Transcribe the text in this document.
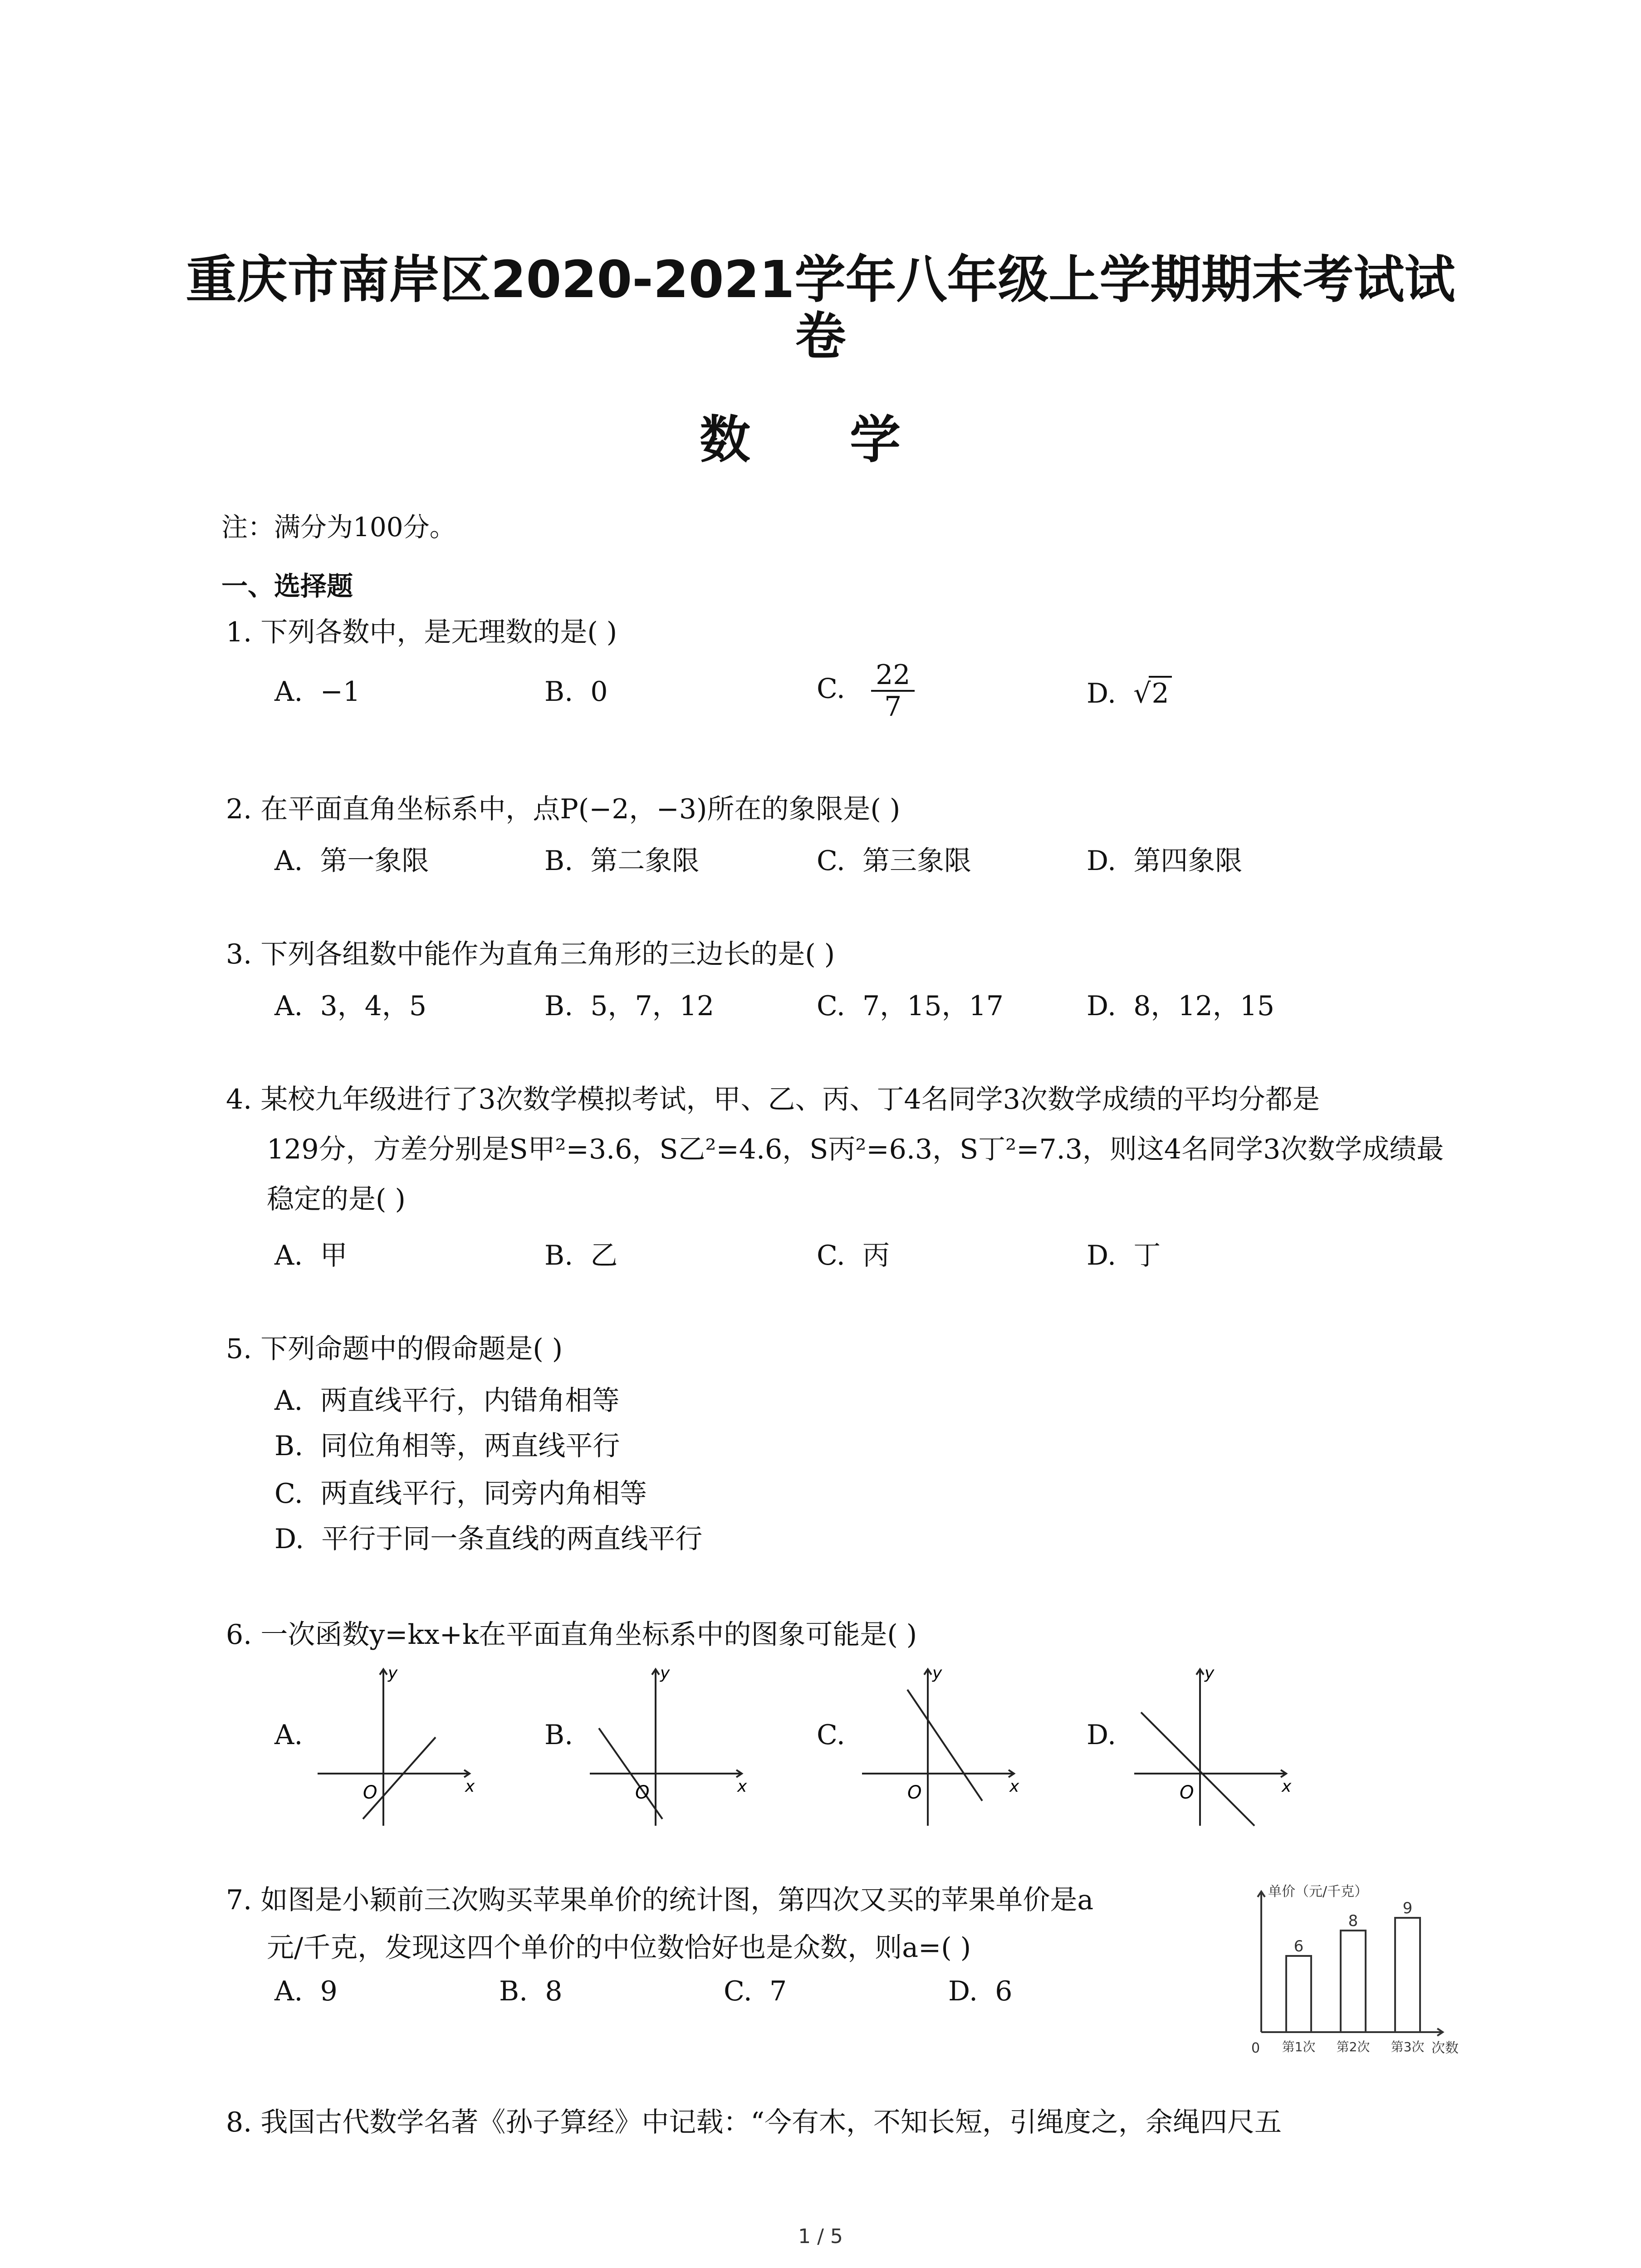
重庆市南岸区2020-2021学年八年级上学期期末考试试
卷
数 学
注：满分为100分。
一、选择题
1. 下列各数中，是无理数的是( )
A. −1	B. 0	C. $\frac{22}{7}$	D. √2
2. 在平面直角坐标系中，点P(−2，−3)所在的象限是( )
A. 第一象限	B. 第二象限	C. 第三象限	D. 第四象限
3. 下列各组数中能作为直角三角形的三边长的是( )
A. 3，4，5	B. 5，7，12	C. 7，15，17	D. 8，12，15
4. 某校九年级进行了3次数学模拟考试，甲、乙、丙、丁4名同学3次数学成绩的平均分都是
129分，方差分别是S甲²=3.6，S乙²=4.6，S丙²=6.3，S丁²=7.3，则这4名同学3次数学成绩最
稳定的是( )
A. 甲	B. 乙	C. 丙	D. 丁
5. 下列命题中的假命题是( )
A. 两直线平行，内错角相等
B. 同位角相等，两直线平行
C. 两直线平行，同旁内角相等
D. 平行于同一条直线的两直线平行
6. 一次函数y=kx+k在平面直角坐标系中的图象可能是( )
A.	B.	C.	D.
O	x
y
O	x
y
O	x
y
O	x
y
7. 如图是小颖前三次购买苹果单价的统计图，第四次又买的苹果单价是a
元/千克，发现这四个单价的中位数恰好也是众数，则a=( )
A. 9	B. 8	C. 7	D. 6
单价（元/千克）
次数
0
6
第1次
8
第2次
9
第3次
8. 我国古代数学名著《孙子算经》中记载：“今有木，不知长短，引绳度之，余绳四尺五
1 / 5
